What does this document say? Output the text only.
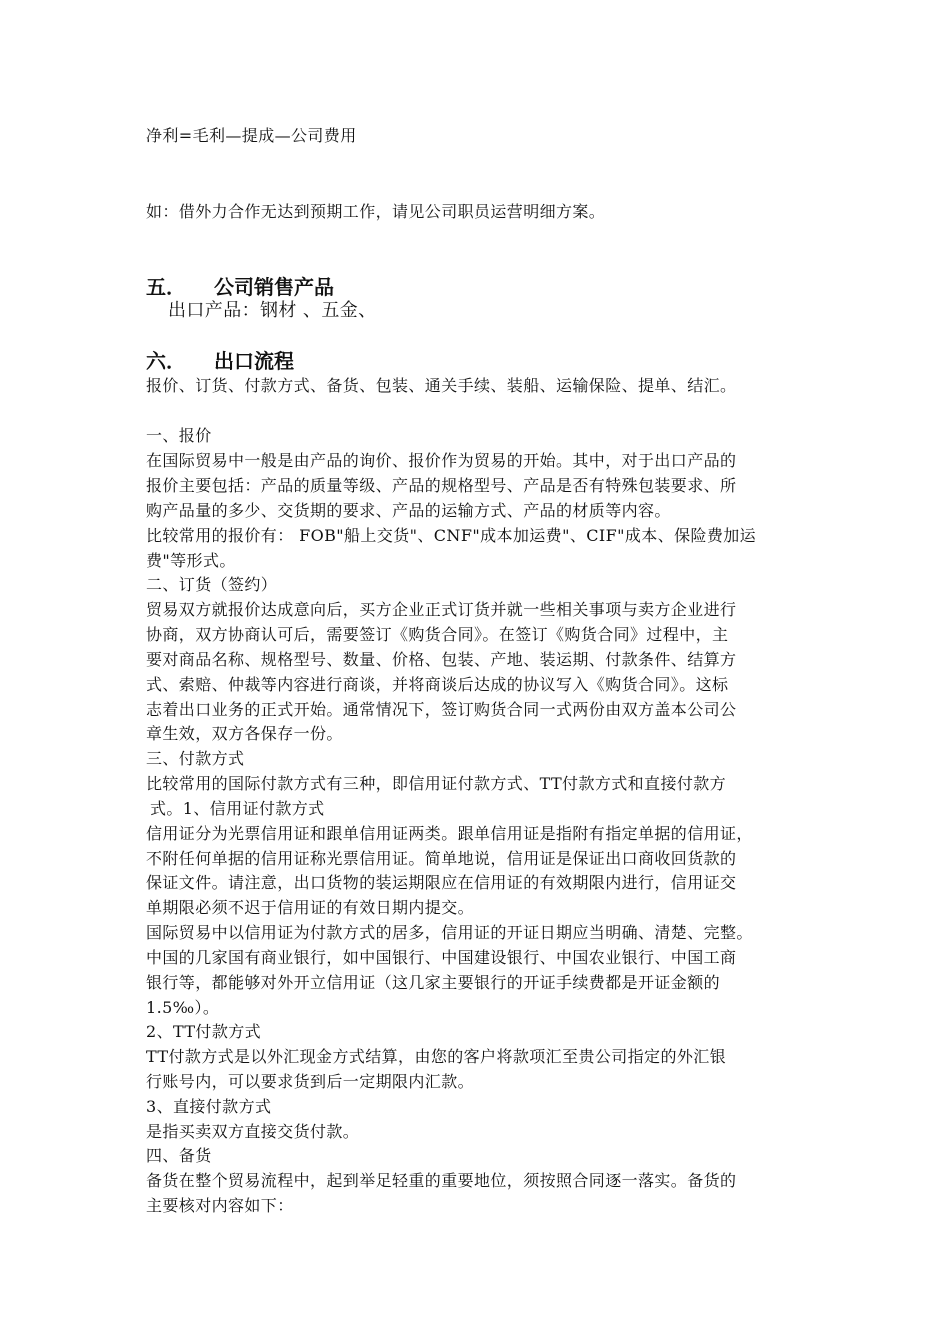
净利=毛利—提成—公司费用
如：借外力合作无达到预期工作，请见公司职员运营明细方案。
五． 公司销售产品
出口产品：钢材 、五金、
六． 出口流程
报价、订货、付款方式、备货、包装、通关手续、装船、运输保险、提单、结汇。
一、报价
在国际贸易中一般是由产品的询价、报价作为贸易的开始。其中，对于出口产品的
报价主要包括：产品的质量等级、产品的规格型号、产品是否有特殊包装要求、所
购产品量的多少、交货期的要求、产品的运输方式、产品的材质等内容。
比较常用的报价有： FOB"船上交货"、CNF"成本加运费"、CIF"成本、保险费加运
费"等形式。
二、订货（签约）
贸易双方就报价达成意向后，买方企业正式订货并就一些相关事项与卖方企业进行
协商，双方协商认可后，需要签订《购货合同》。在签订《购货合同》过程中，主
要对商品名称、规格型号、数量、价格、包装、产地、装运期、付款条件、结算方
式、索赔、仲裁等内容进行商谈，并将商谈后达成的协议写入《购货合同》。这标
志着出口业务的正式开始。通常情况下，签订购货合同一式两份由双方盖本公司公
章生效，双方各保存一份。
三、付款方式
比较常用的国际付款方式有三种，即信用证付款方式、TT付款方式和直接付款方
式。1、信用证付款方式
信用证分为光票信用证和跟单信用证两类。跟单信用证是指附有指定单据的信用证，
不附任何单据的信用证称光票信用证。简单地说，信用证是保证出口商收回货款的
保证文件。请注意，出口货物的装运期限应在信用证的有效期限内进行，信用证交
单期限必须不迟于信用证的有效日期内提交。
国际贸易中以信用证为付款方式的居多，信用证的开证日期应当明确、清楚、完整。
中国的几家国有商业银行，如中国银行、中国建设银行、中国农业银行、中国工商
银行等，都能够对外开立信用证（这几家主要银行的开证手续费都是开证金额的
1.5‰）。
2、TT付款方式
TT付款方式是以外汇现金方式结算，由您的客户将款项汇至贵公司指定的外汇银
行账号内，可以要求货到后一定期限内汇款。
3、直接付款方式
是指买卖双方直接交货付款。
四、备货
备货在整个贸易流程中，起到举足轻重的重要地位，须按照合同逐一落实。备货的
主要核对内容如下：
